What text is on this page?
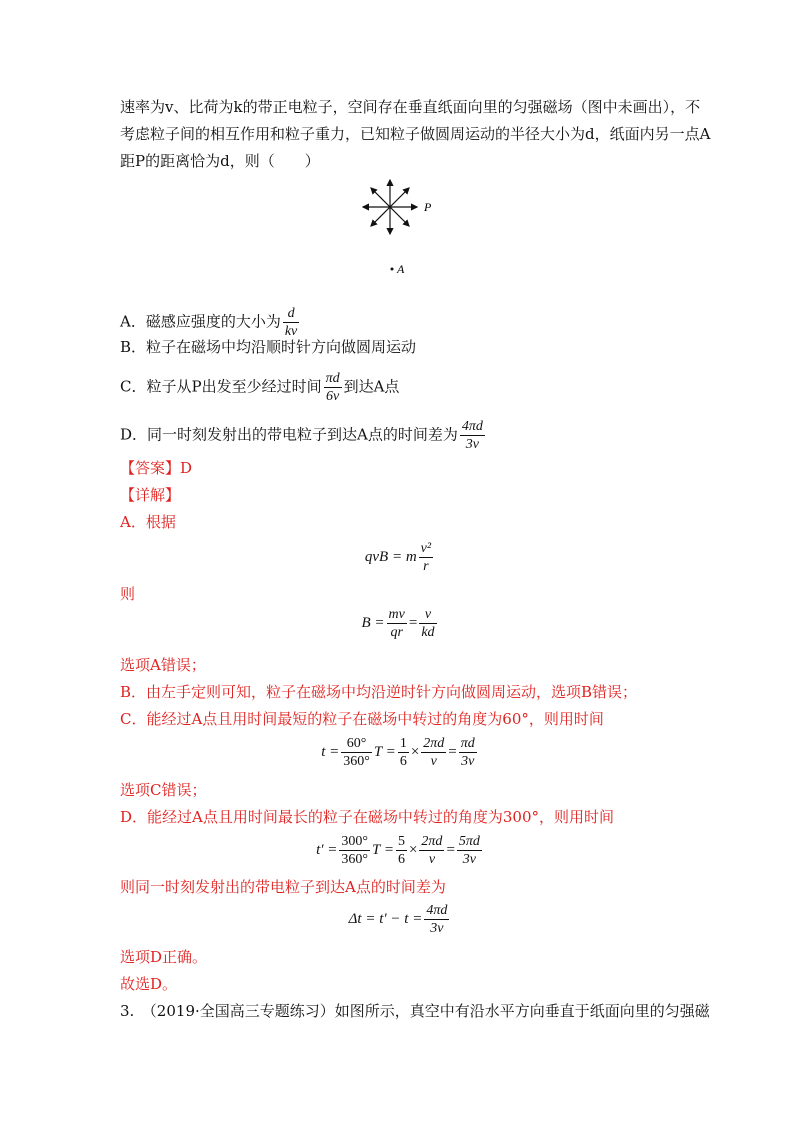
速率为v、比荷为k的带正电粒子，空间存在垂直纸面向里的匀强磁场（图中未画出），不
考虑粒子间的相互作用和粒子重力，已知粒子做圆周运动的半径大小为d，纸面内另一点A
距P的距离恰为d，则（　　）
P
A
A．磁感应强度的大小为 $\frac{d}{kv}$
B．粒子在磁场中均沿顺时针方向做圆周运动
C．粒子从P出发至少经过时间 $\frac{\pi d}{6v}$ 到达A点
D．同一时刻发射出的带电粒子到达A点的时间差为 $\frac{4\pi d}{3v}$
【答案】D
【详解】
A．根据
qvB = m $\frac{\text{v²}}{r}$
则
$B = \frac{mv}{qr} = \frac{v}{kd}$
选项A错误；
B．由左手定则可知，粒子在磁场中均沿逆时针方向做圆周运动，选项B错误；
C．能经过A点且用时间最短的粒子在磁场中转过的角度为60°，则用时间
$t = \frac{60^\circ}{360^\circ}$ $T = \frac{1}{6} \times \frac{2\pi d}{v} = \frac{\pi d}{3v}$
选项C错误；
D．能经过A点且用时间最长的粒子在磁场中转过的角度为300°，则用时间
$t' = \frac{300^\circ}{360^\circ}$ $T = \frac{5}{6} \times \frac{2\pi d}{v} = \frac{5\pi d}{3v}$
则同一时刻发射出的带电粒子到达A点的时间差为
$\Delta t = t' - t = \frac{4\pi d}{3v}$
选项D正确。
故选D。
3.　（2019·全国高三专题练习）如图所示，真空中有沿水平方向垂直于纸面向里的匀强磁
